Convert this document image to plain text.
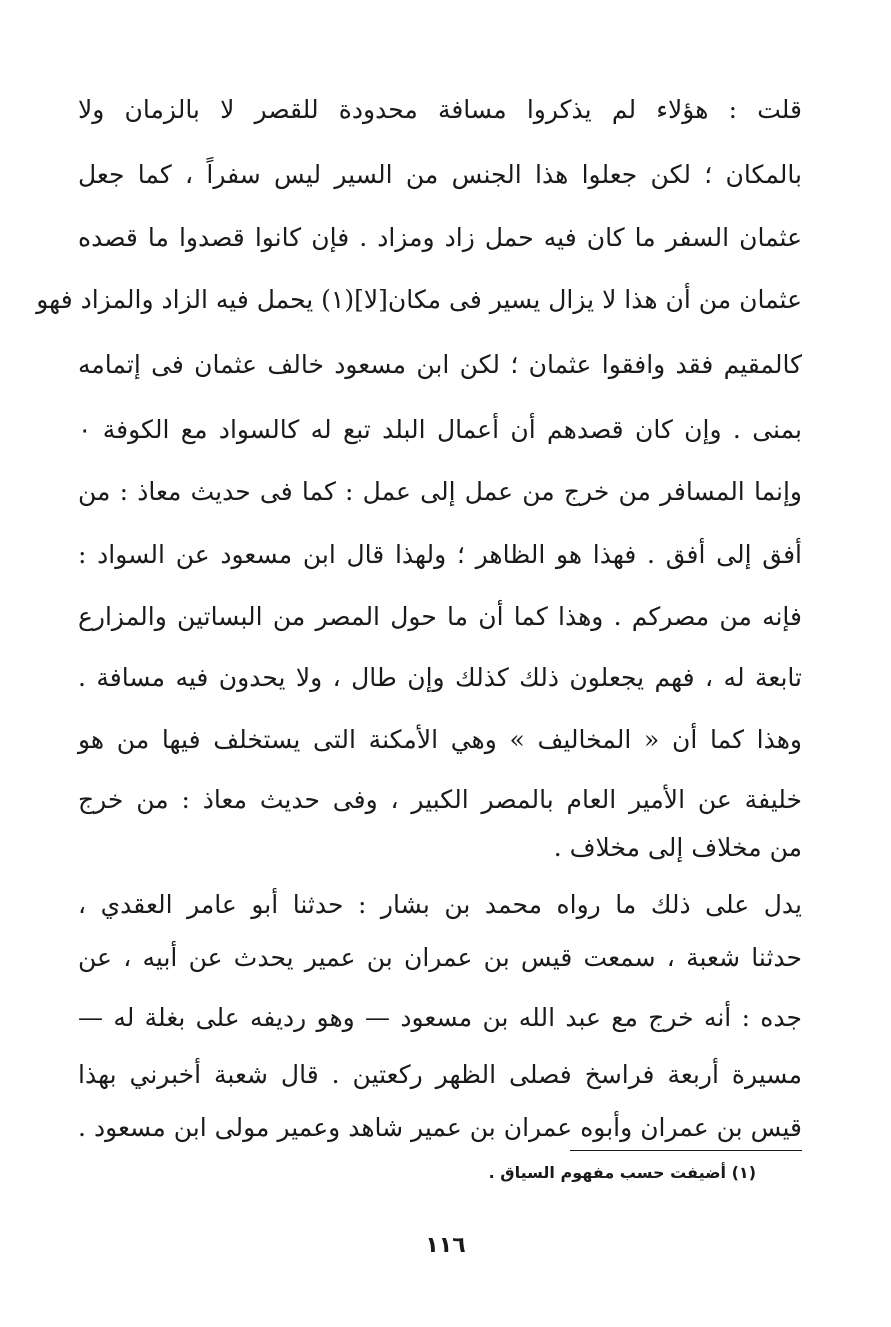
قلت : هؤلاء لم يذكروا مسافة محدودة للقصر لا بالزمان ولا
بالمكان ؛ لكن جعلوا هذا الجنس من السير ليس سفراً ، كما جعل
عثمان السفر ما كان فيه حمل زاد ومزاد . فإن كانوا قصدوا ما قصده
عثمان من أن هذا لا يزال يسير فى مكان[لا](١) يحمل فيه الزاد والمزاد فهو
كالمقيم فقد وافقوا عثمان ؛ لكن ابن مسعود خالف عثمان فى إتمامه
بمنى . وإن كان قصدهم أن أعمال البلد تبع له كالسواد مع الكوفة ٠
وإنما المسافر من خرج من عمل إلى عمل : كما فى حديث معاذ : من
أفق إلى أفق . فهذا هو الظاهر ؛ ولهذا قال ابن مسعود عن السواد :
فإنه من مصركم . وهذا كما أن ما حول المصر من البساتين والمزارع
تابعة له ، فهم يجعلون ذلك كذلك وإن طال ، ولا يحدون فيه مسافة .
وهذا كما أن « المخاليف » وهي الأمكنة التى يستخلف فيها من هو
خليفة عن الأمير العام بالمصر الكبير ، وفى حديث معاذ : من خرج
من مخلاف إلى مخلاف .
يدل على ذلك ما رواه محمد بن بشار : حدثنا أبو عامر العقدي ،
حدثنا شعبة ، سمعت قيس بن عمران بن عمير يحدث عن أبيه ، عن
جده : أنه خرج مع عبد الله بن مسعود — وهو رديفه على بغلة له —
مسيرة أربعة فراسخ فصلى الظهر ركعتين . قال شعبة أخبرني بهذا
قيس بن عمران وأبوه عمران بن عمير شاهد وعمير مولى ابن مسعود .
(١) أضيفت حسب مفهوم السياق .
١١٦
